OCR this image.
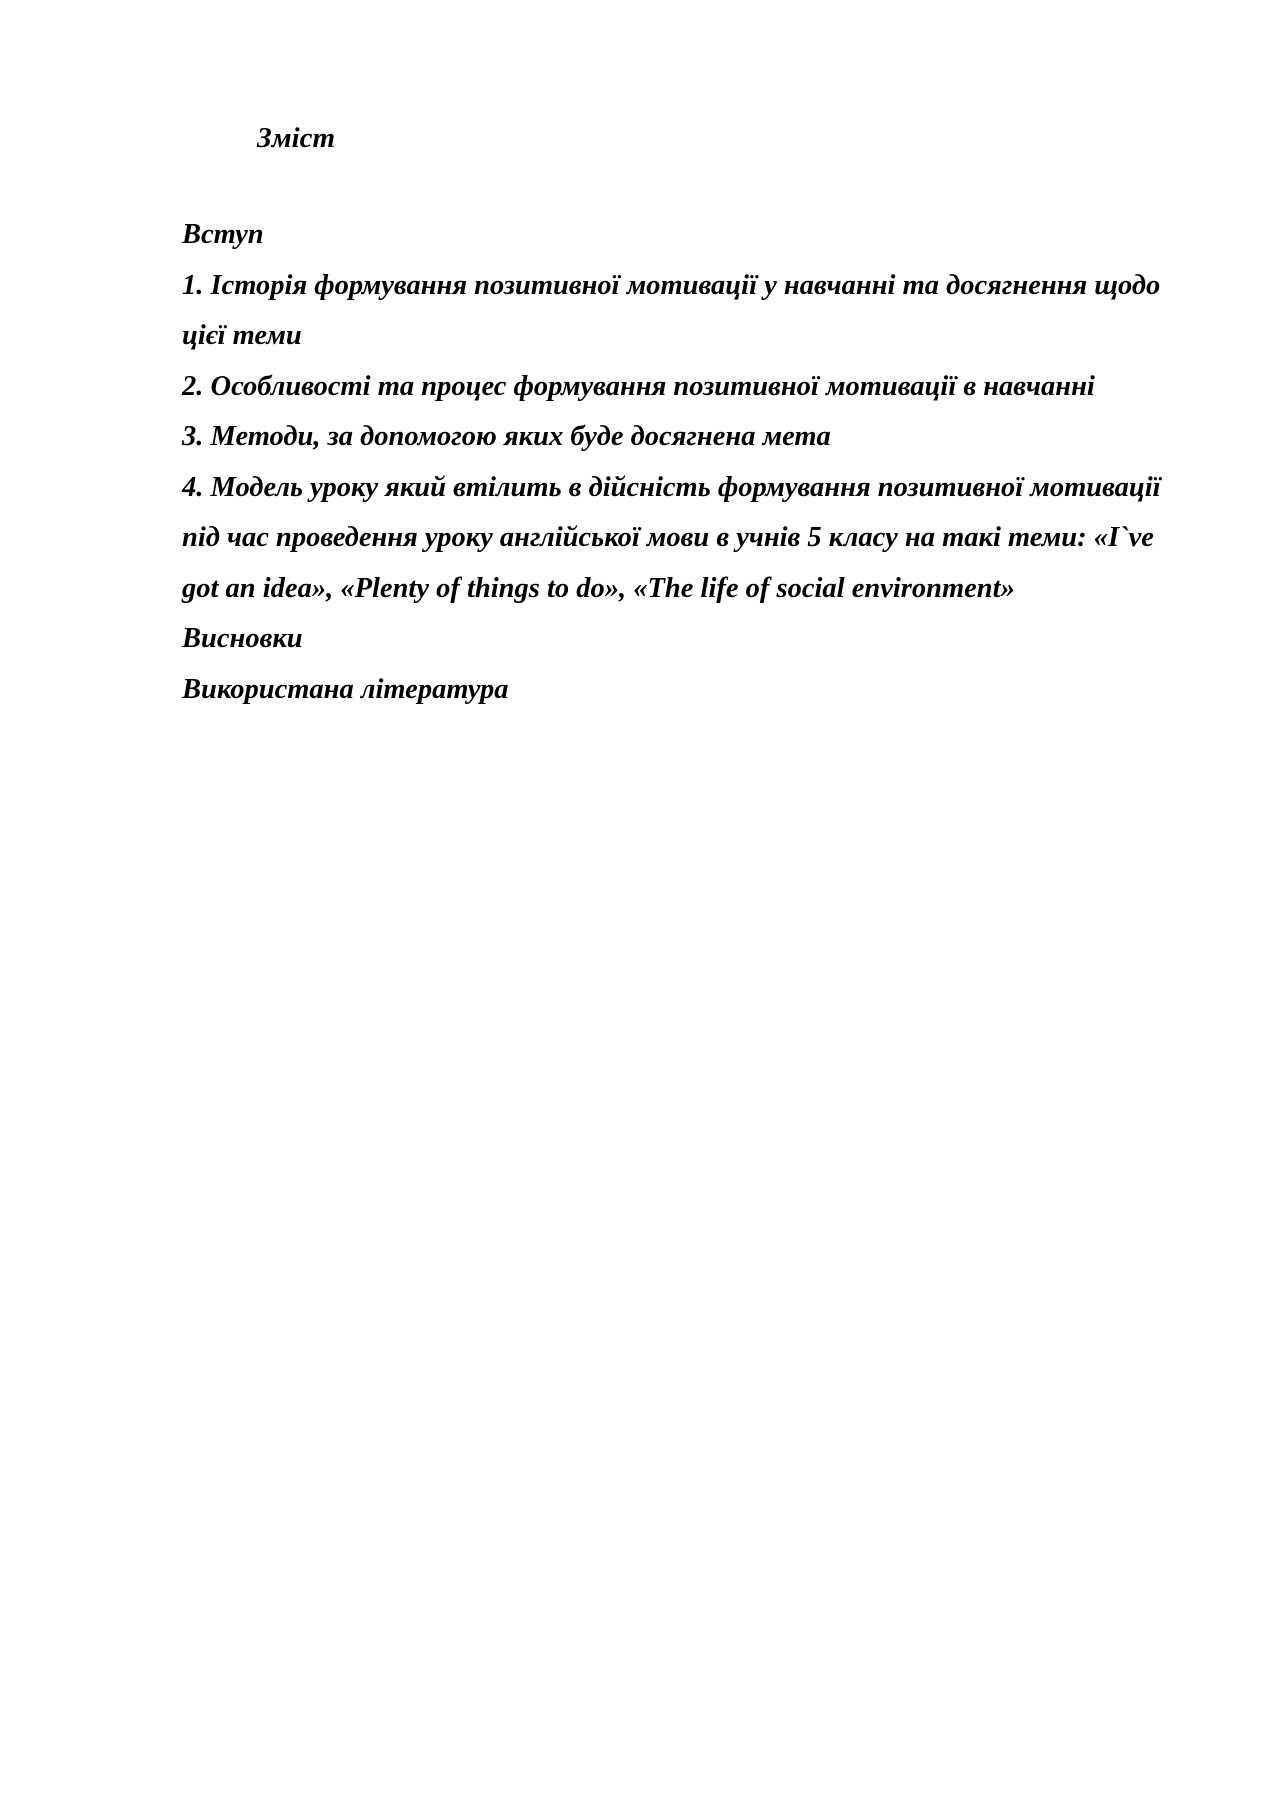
Зміст
Вступ
1. Історія формування позитивної мотивації у навчанні та досягнення щодо цієї теми
2. Особливості та процес формування позитивної мотивації в навчанні
3. Методи, за допомогою яких буде досягнена мета
4. Модель уроку який втілить в дійсність формування позитивної мотивації під час проведення уроку англійської мови в учнів 5 класу на такі теми: «I`ve got an idea», «Plenty of things to do», «The life of social environment»
Висновки
Використана література
